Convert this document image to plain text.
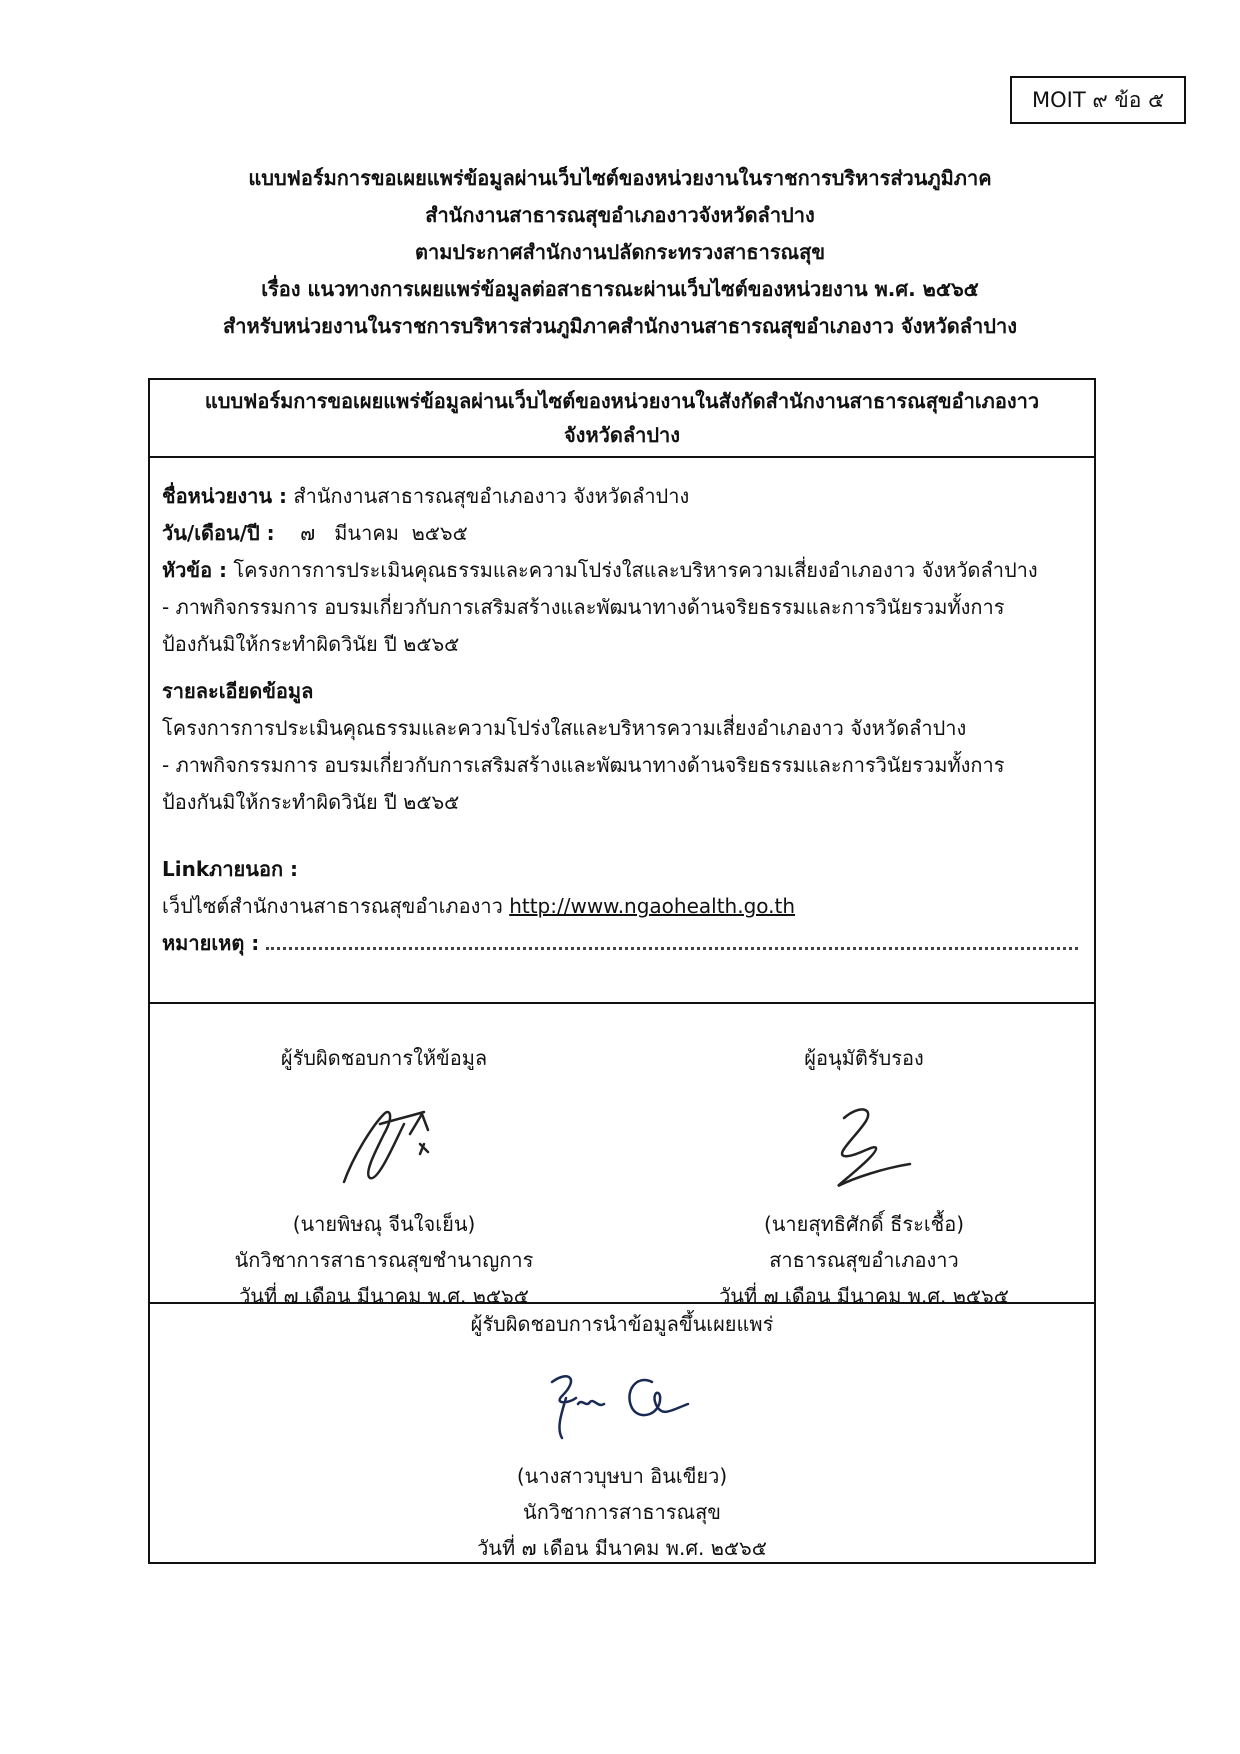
MOIT ๙ ข้อ ๕
แบบฟอร์มการขอเผยแพร่ข้อมูลผ่านเว็บไซต์ของหน่วยงานในราชการบริหารส่วนภูมิภาค
สำนักงานสาธารณสุขอำเภองาวจังหวัดลำปาง
ตามประกาศสำนักงานปลัดกระทรวงสาธารณสุข
เรื่อง แนวทางการเผยแพร่ข้อมูลต่อสาธารณะผ่านเว็บไซต์ของหน่วยงาน พ.ศ. ๒๕๖๕
สำหรับหน่วยงานในราชการบริหารส่วนภูมิภาคสำนักงานสาธารณสุขอำเภองาว จังหวัดลำปาง
แบบฟอร์มการขอเผยแพร่ข้อมูลผ่านเว็บไซต์ของหน่วยงานในสังกัดสำนักงานสาธารณสุขอำเภองาว
จังหวัดลำปาง
ชื่อหน่วยงาน : สำนักงานสาธารณสุขอำเภองาว จังหวัดลำปาง
วัน/เดือน/ปี :    ๗   มีนาคม  ๒๕๖๕
หัวข้อ : โครงการการประเมินคุณธรรมและความโปร่งใสและบริหารความเสี่ยงอำเภองาว จังหวัดลำปาง
- ภาพกิจกรรมการ อบรมเกี่ยวกับการเสริมสร้างและพัฒนาทางด้านจริยธรรมและการวินัยรวมทั้งการ
ป้องกันมิให้กระทำผิดวินัย ปี ๒๕๖๕
รายละเอียดข้อมูล
โครงการการประเมินคุณธรรมและความโปร่งใสและบริหารความเสี่ยงอำเภองาว จังหวัดลำปาง
- ภาพกิจกรรมการ อบรมเกี่ยวกับการเสริมสร้างและพัฒนาทางด้านจริยธรรมและการวินัยรวมทั้งการ
ป้องกันมิให้กระทำผิดวินัย ปี ๒๕๖๕
Linkภายนอก :
เว็ปไซต์สำนักงานสาธารณสุขอำเภองาว http://www.ngaohealth.go.th
หมายเหตุ :
ผู้รับผิดชอบการให้ข้อมูล
(นายพิษณุ จีนใจเย็น)
นักวิชาการสาธารณสุขชำนาญการ
วันที่ ๗ เดือน มีนาคม พ.ศ. ๒๕๖๕
ผู้อนุมัติรับรอง
(นายสุทธิศักดิ์ ธีระเชื้อ)
สาธารณสุขอำเภองาว
วันที่ ๗ เดือน มีนาคม พ.ศ. ๒๕๖๕
ผู้รับผิดชอบการนำข้อมูลขึ้นเผยแพร่
(นางสาวบุษบา อินเขียว)
นักวิชาการสาธารณสุข
วันที่ ๗ เดือน มีนาคม พ.ศ. ๒๕๖๕
